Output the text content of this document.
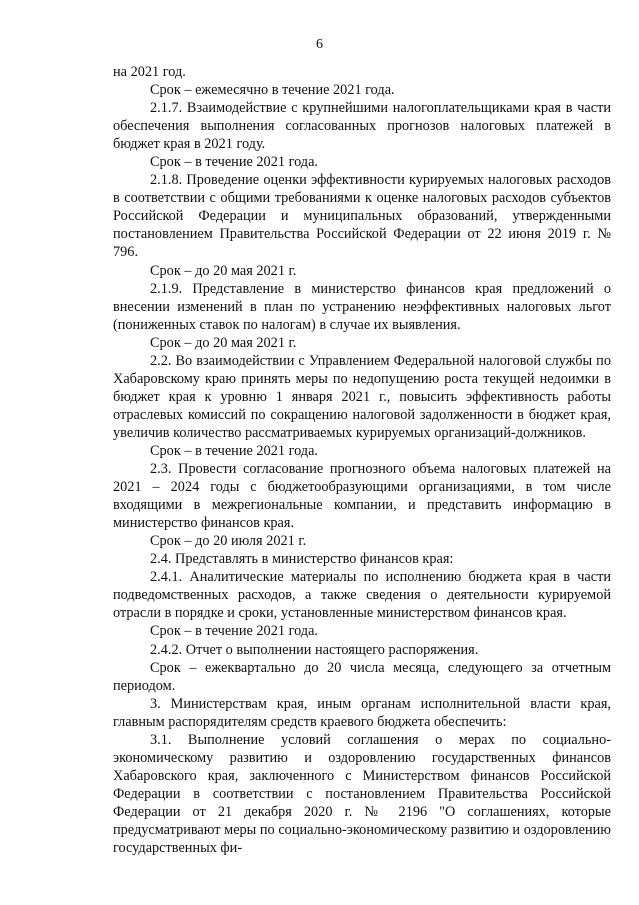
6

на 2021 год.

Срок – ежемесячно в течение 2021 года.

2.1.7. Взаимодействие с крупнейшими налогоплательщиками края в части обеспечения выполнения согласованных прогнозов налоговых платежей в бюджет края в 2021 году.

Срок – в течение 2021 года.

2.1.8. Проведение оценки эффективности курируемых налоговых расходов в соответствии с общими требованиями к оценке налоговых расходов субъектов Российской Федерации и муниципальных образований, утвержденными постановлением Правительства Российской Федерации от 22 июня 2019 г. № 796.

Срок – до 20 мая 2021 г.

2.1.9. Представление в министерство финансов края предложений о внесении изменений в план по устранению неэффективных налоговых льгот (пониженных ставок по налогам) в случае их выявления.

Срок – до 20 мая 2021 г.

2.2. Во взаимодействии с Управлением Федеральной налоговой службы по Хабаровскому краю принять меры по недопущению роста текущей недоимки в бюджет края к уровню 1 января 2021 г., повысить эффективность работы отраслевых комиссий по сокращению налоговой задолженности в бюджет края, увеличив количество рассматриваемых курируемых организаций-должников.

Срок – в течение 2021 года.

2.3. Провести согласование прогнозного объема налоговых платежей на 2021 – 2024 годы с бюджетообразующими организациями, в том числе входящими в межрегиональные компании, и представить информацию в министерство финансов края.

Срок – до 20 июля 2021 г.

2.4. Представлять в министерство финансов края:

2.4.1. Аналитические материалы по исполнению бюджета края в части подведомственных расходов, а также сведения о деятельности курируемой отрасли в порядке и сроки, установленные министерством финансов края.

Срок – в течение 2021 года.

2.4.2. Отчет о выполнении настоящего распоряжения.

Срок – ежеквартально до 20 числа месяца, следующего за отчетным периодом.

3. Министерствам края, иным органам исполнительной власти края, главным распорядителям средств краевого бюджета обеспечить:

3.1. Выполнение условий соглашения о мерах по социально-экономическому развитию и оздоровлению государственных финансов Хабаровского края, заключенного с Министерством финансов Российской Федерации в соответствии с постановлением Правительства Российской Федерации от 21 декабря 2020 г. № 2196 "О соглашениях, которые предусматривают меры по социально-экономическому развитию и оздоровлению государственных фи-
